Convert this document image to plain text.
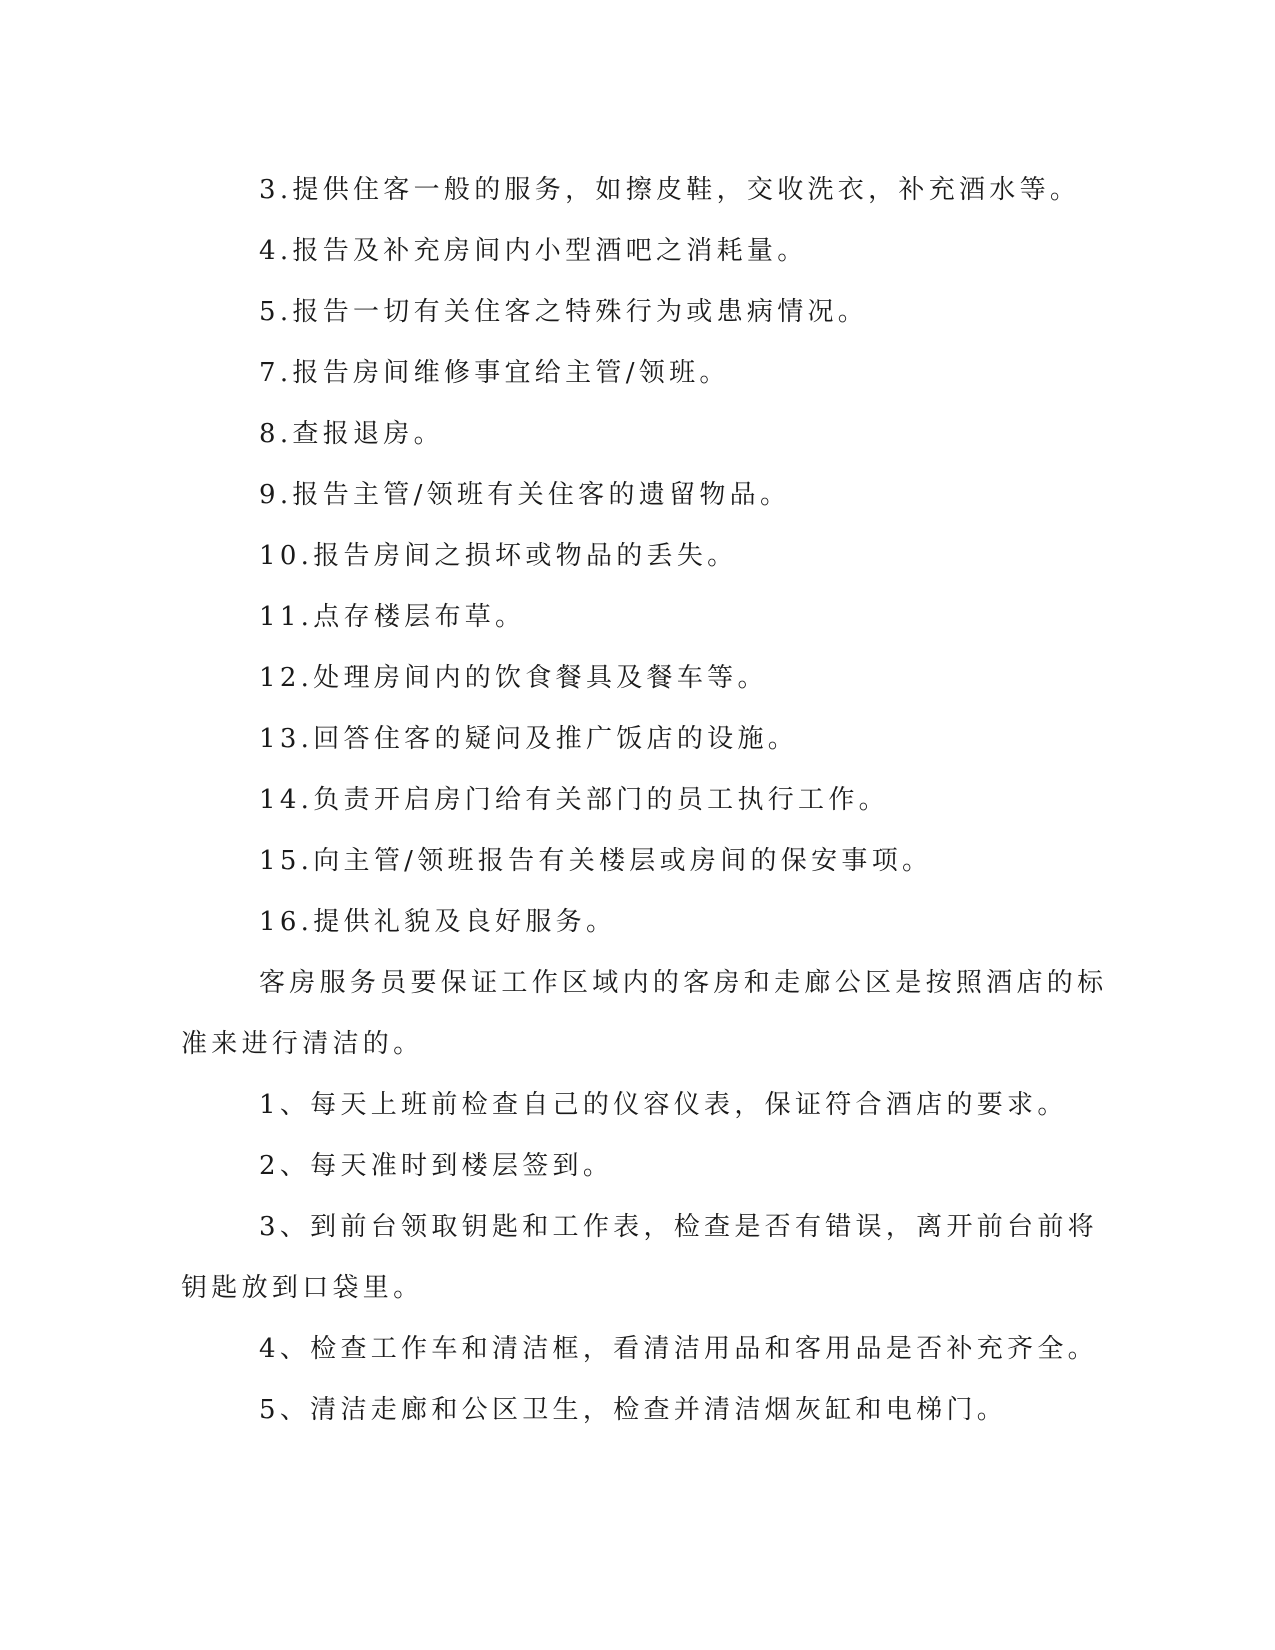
3.提供住客一般的服务，如擦皮鞋，交收洗衣，补充酒水等。
4.报告及补充房间内小型酒吧之消耗量。
5.报告一切有关住客之特殊行为或患病情况。
7.报告房间维修事宜给主管/领班。
8.查报退房。
9.报告主管/领班有关住客的遗留物品。
10.报告房间之损坏或物品的丢失。
11.点存楼层布草。
12.处理房间内的饮食餐具及餐车等。
13.回答住客的疑问及推广饭店的设施。
14.负责开启房门给有关部门的员工执行工作。
15.向主管/领班报告有关楼层或房间的保安事项。
16.提供礼貌及良好服务。
客房服务员要保证工作区域内的客房和走廊公区是按照酒店的标
准来进行清洁的。
1、每天上班前检查自己的仪容仪表，保证符合酒店的要求。
2、每天准时到楼层签到。
3、到前台领取钥匙和工作表，检查是否有错误，离开前台前将
钥匙放到口袋里。
4、检查工作车和清洁框，看清洁用品和客用品是否补充齐全。
5、清洁走廊和公区卫生，检查并清洁烟灰缸和电梯门。
